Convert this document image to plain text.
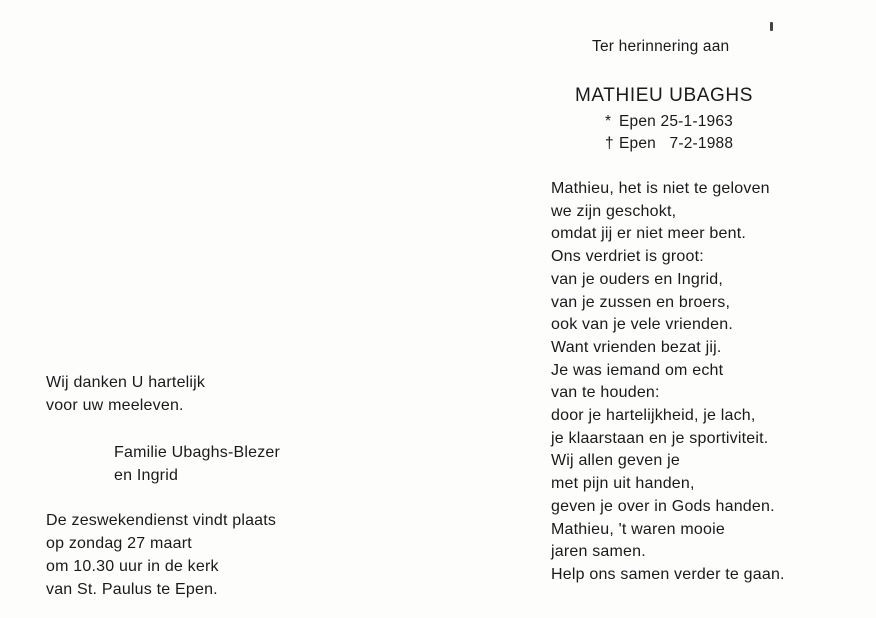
Wij danken U hartelijk
voor uw meeleven.
Familie Ubaghs-Blezer
en Ingrid
De zeswekendienst vindt plaats
op zondag 27 maart
om 10.30 uur in de kerk
van St. Paulus te Epen.
Ter herinnering aan
MATHIEU UBAGHS
* Epen 25-1-1963
† Epen   7-2-1988
Mathieu, het is niet te geloven
we zijn geschokt,
omdat jij er niet meer bent.
Ons verdriet is groot:
van je ouders en Ingrid,
van je zussen en broers,
ook van je vele vrienden.
Want vrienden bezat jij.
Je was iemand om echt
van te houden:
door je hartelijkheid, je lach,
je klaarstaan en je sportiviteit.
Wij allen geven je
met pijn uit handen,
geven je over in Gods handen.
Mathieu, 't waren mooie
jaren samen.
Help ons samen verder te gaan.
